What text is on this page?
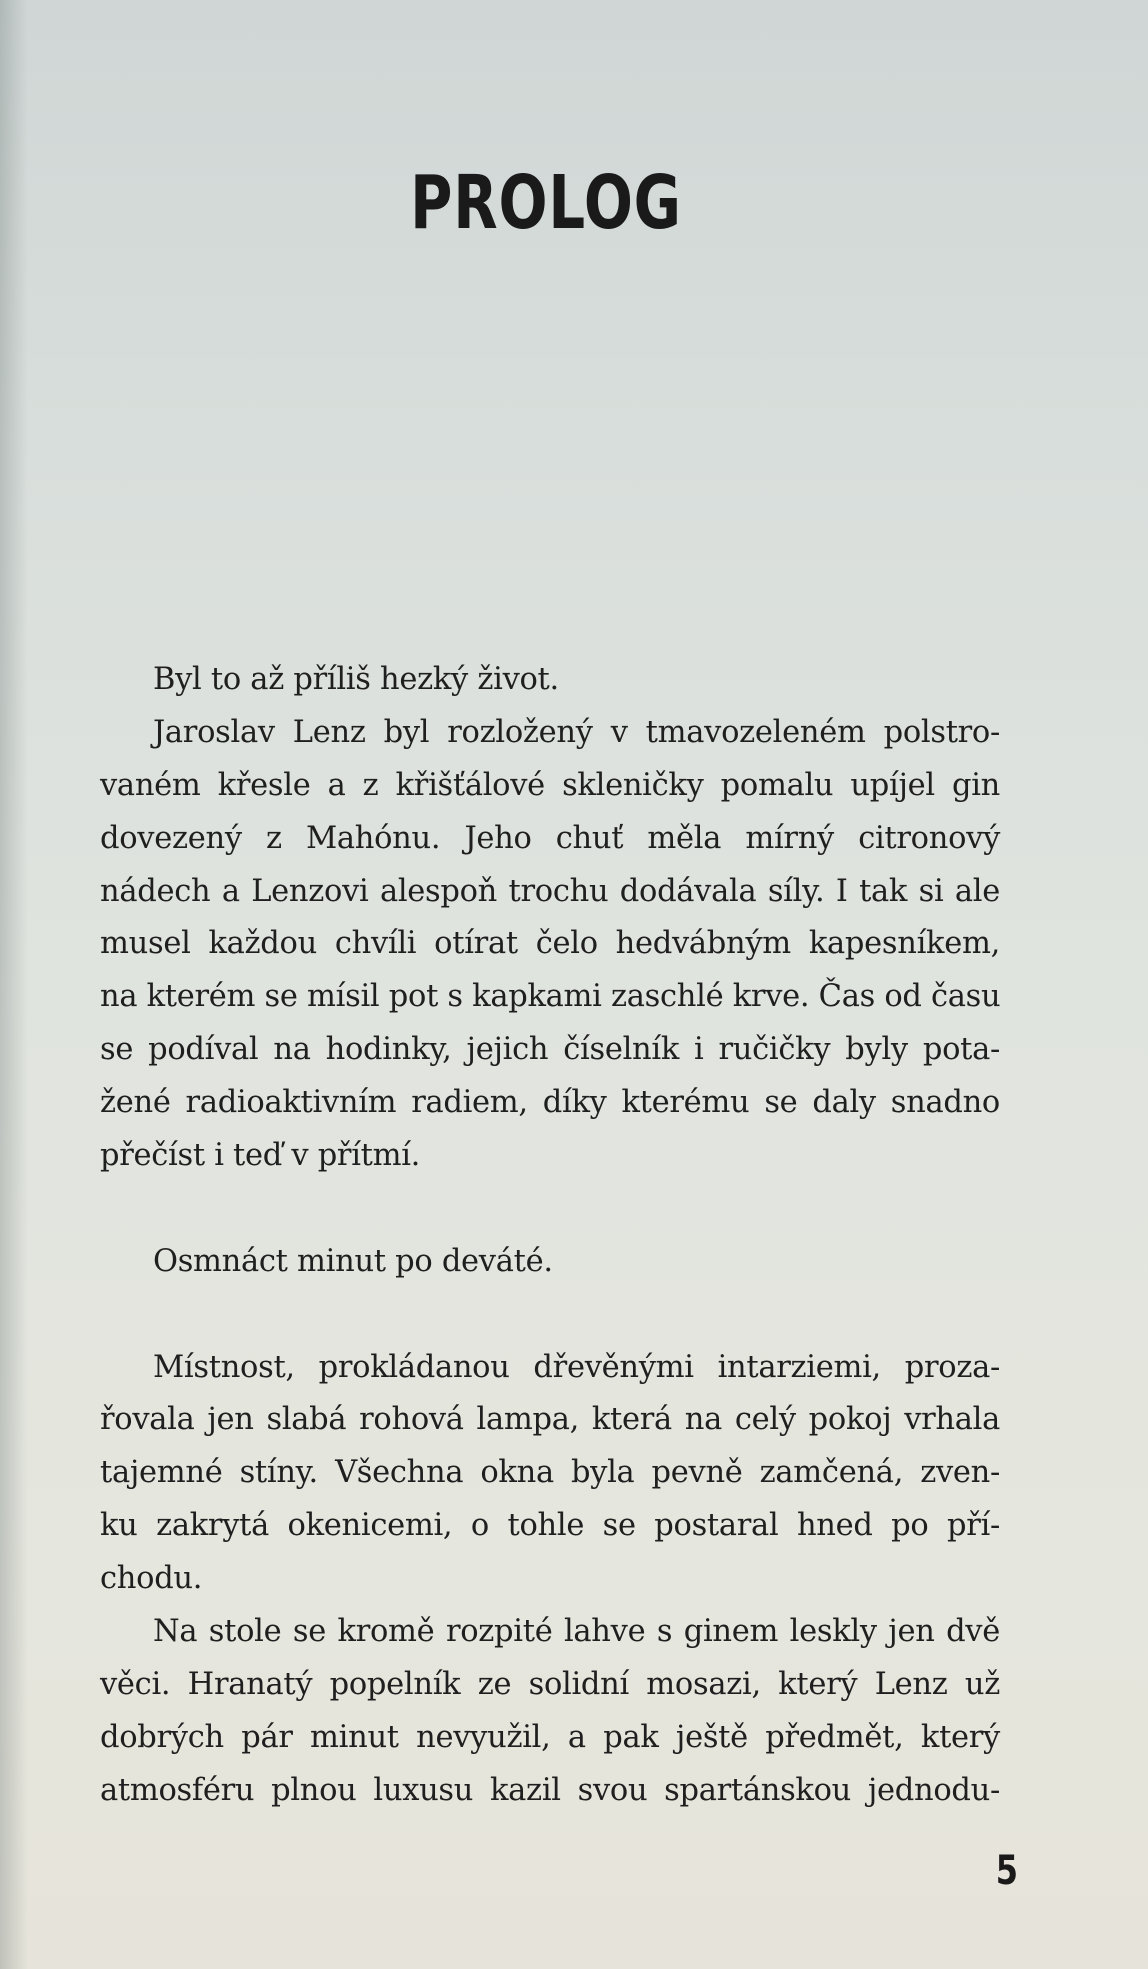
PROLOG
Byl to až příliš hezký život.
Jaroslav Lenz byl rozložený v tmavozeleném polstro-
vaném křesle a z křišťálové skleničky pomalu upíjel gin
dovezený z Mahónu. Jeho chuť měla mírný citronový
nádech a Lenzovi alespoň trochu dodávala síly. I tak si ale
musel každou chvíli otírat čelo hedvábným kapesníkem,
na kterém se mísil pot s kapkami zaschlé krve. Čas od času
se podíval na hodinky, jejich číselník i ručičky byly pota-
žené radioaktivním radiem, díky kterému se daly snadno
přečíst i teď v přítmí.
Osmnáct minut po deváté.
Místnost, prokládanou dřevěnými intarziemi, proza-
řovala jen slabá rohová lampa, která na celý pokoj vrhala
tajemné stíny. Všechna okna byla pevně zamčená, zven-
ku zakrytá okenicemi, o tohle se postaral hned po pří-
chodu.
Na stole se kromě rozpité lahve s ginem leskly jen dvě
věci. Hranatý popelník ze solidní mosazi, který Lenz už
dobrých pár minut nevyužil, a pak ještě předmět, který
atmosféru plnou luxusu kazil svou spartánskou jednodu-
5
